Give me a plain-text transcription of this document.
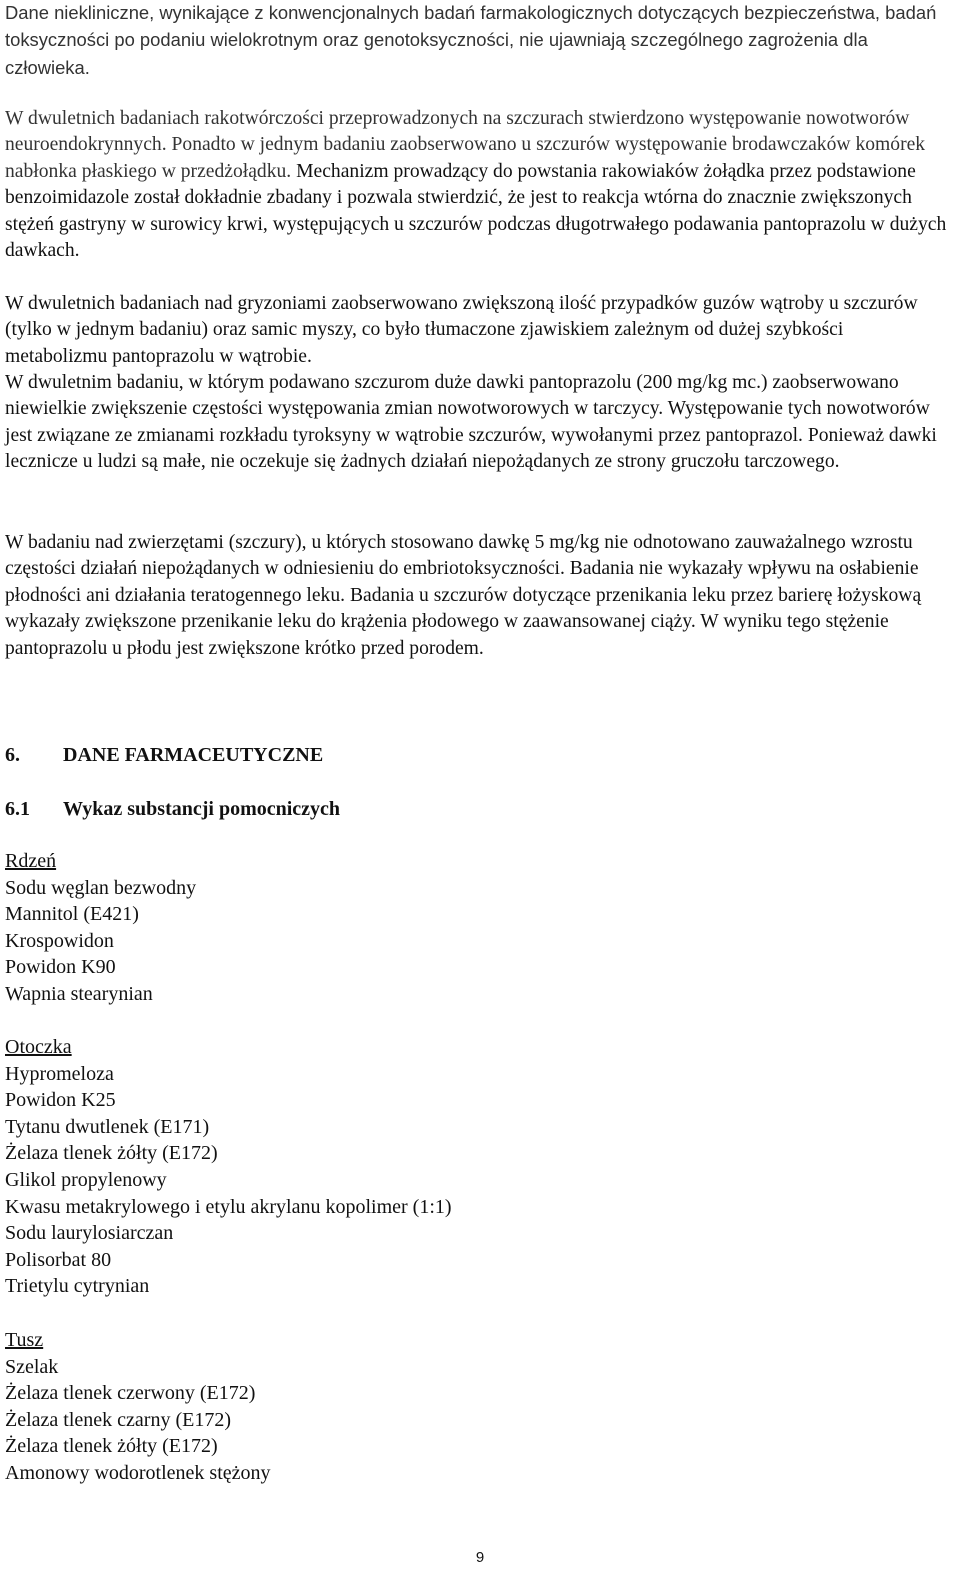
Dane niekliniczne, wynikające z konwencjonalnych badań farmakologicznych dotyczących bezpieczeństwa, badań toksyczności po podaniu wielokrotnym oraz genotoksyczności, nie ujawniają szczególnego zagrożenia dla człowieka.

W dwuletnich badaniach rakotwórczości przeprowadzonych na szczurach stwierdzono występowanie nowotworów neuroendokrynnych. Ponadto w jednym badaniu zaobserwowano u szczurów występowanie brodawczaków komórek nabłonka płaskiego w przedżołądku. Mechanizm prowadzący do powstania rakowiaków żołądka przez podstawione benzoimidazole został dokładnie zbadany i pozwala stwierdzić, że jest to reakcja wtórna do znacznie zwiększonych stężeń gastryny w surowicy krwi, występujących u szczurów podczas długotrwałego podawania pantoprazolu w dużych dawkach.

W dwuletnich badaniach nad gryzoniami zaobserwowano zwiększoną ilość przypadków guzów wątroby u szczurów (tylko w jednym badaniu) oraz samic myszy, co było tłumaczone zjawiskiem zależnym od dużej szybkości metabolizmu pantoprazolu w wątrobie.

W dwuletnim badaniu, w którym podawano szczurom duże dawki pantoprazolu (200 mg/kg mc.) zaobserwowano niewielkie zwiększenie częstości występowania zmian nowotworowych w tarczycy. Występowanie tych nowotworów jest związane ze zmianami rozkładu tyroksyny w wątrobie szczurów, wywołanymi przez pantoprazol. Ponieważ dawki lecznicze u ludzi są małe, nie oczekuje się żadnych działań niepożądanych ze strony gruczołu tarczowego.

W badaniu nad zwierzętami (szczury), u których stosowano dawkę 5 mg/kg nie odnotowano zauważalnego wzrostu częstości działań niepożądanych w odniesieniu do embriotoksyczności. Badania nie wykazały wpływu na osłabienie płodności ani działania teratogennego leku. Badania u szczurów dotyczące przenikania leku przez barierę łożyskową wykazały zwiększone przenikanie leku do krążenia płodowego w zaawansowanej ciąży. W wyniku tego stężenie pantoprazolu u płodu jest zwiększone krótko przed porodem.

6. DANE FARMACEUTYCZNE
6.1 Wykaz substancji pomocniczych
Rdzeń
Sodu węglan bezwodny
Mannitol (E421)
Krospowidon
Powidon K90
Wapnia stearynian
Otoczka
Hypromeloza
Powidon K25
Tytanu dwutlenek (E171)
Żelaza tlenek żółty (E172)
Glikol propylenowy
Kwasu metakrylowego i etylu akrylanu kopolimer (1:1)
Sodu laurylosiarczan
Polisorbat 80
Trietylu cytrynian
Tusz
Szelak
Żelaza tlenek czerwony (E172)
Żelaza tlenek czarny (E172)
Żelaza tlenek żółty (E172)
Amonowy wodorotlenek stężony
9
